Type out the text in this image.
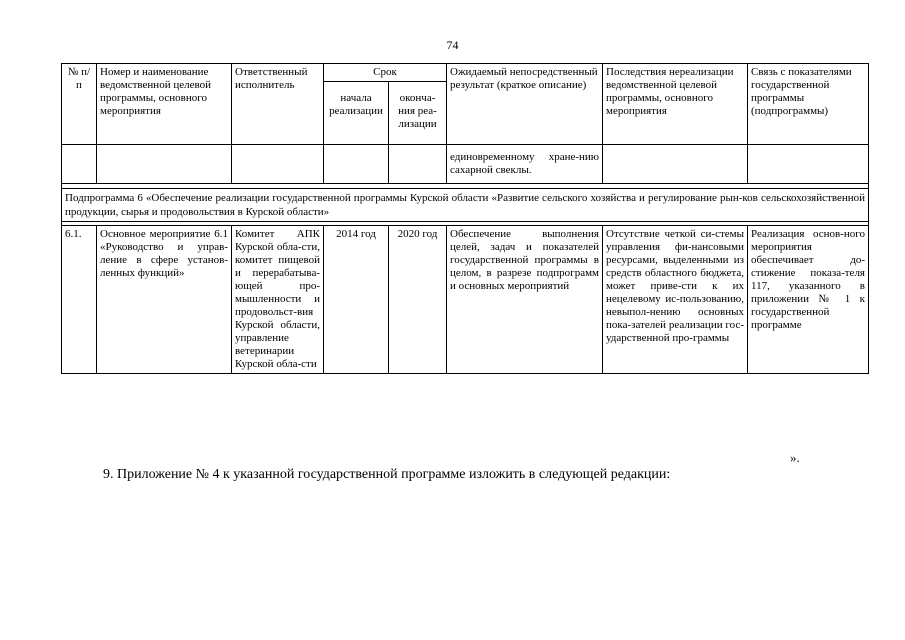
74
№ п/п	Номер и наименование ведомственной целевой программы, основного мероприятия	Ответственный исполнитель	Срок		Ожидаемый непосредственный результат (краткое описание)	Последствия нереализации ведомственной целевой программы, основного мероприятия	Связь с показателями государственной программы (подпрограммы)
			начала реализации	оконча-ния реа-лизации			
					единовременному хране-нию сахарной свеклы.		

Подпрограмма 6 «Обеспечение реализации государственной программы Курской области «Развитие сельского хозяйства и регулирование рын-ков сельскохозяйственной продукции, сырья и продовольствия в Курской области»							

6.1.	Основное мероприятие 6.1 «Руководство и управ-ление в сфере установ-ленных функций»	Комитет АПК Курской обла-сти, комитет пищевой и перерабатыва-ющей про-мышленности и продовольст-вия Курской области, управление ветеринарии Курской обла-сти	2014 год	2020 год	Обеспечение выполнения целей, задач и показателей государственной программы в целом, в разрезе подпрограмм и основных мероприятий	Отсутствие четкой си-стемы управления фи-нансовыми ресурсами, выделенными из средств областного бюджета, может приве-сти к их нецелевому ис-пользованию, невыпол-нению основных пока-зателей реализации гос-ударственной про-граммы	Реализация основ-ного мероприятия обеспечивает до-стижение показа-теля 117, указанного в приложении № 1 к государственной программе
».
9. Приложение № 4 к указанной государственной программе изложить в следующей редакции:
